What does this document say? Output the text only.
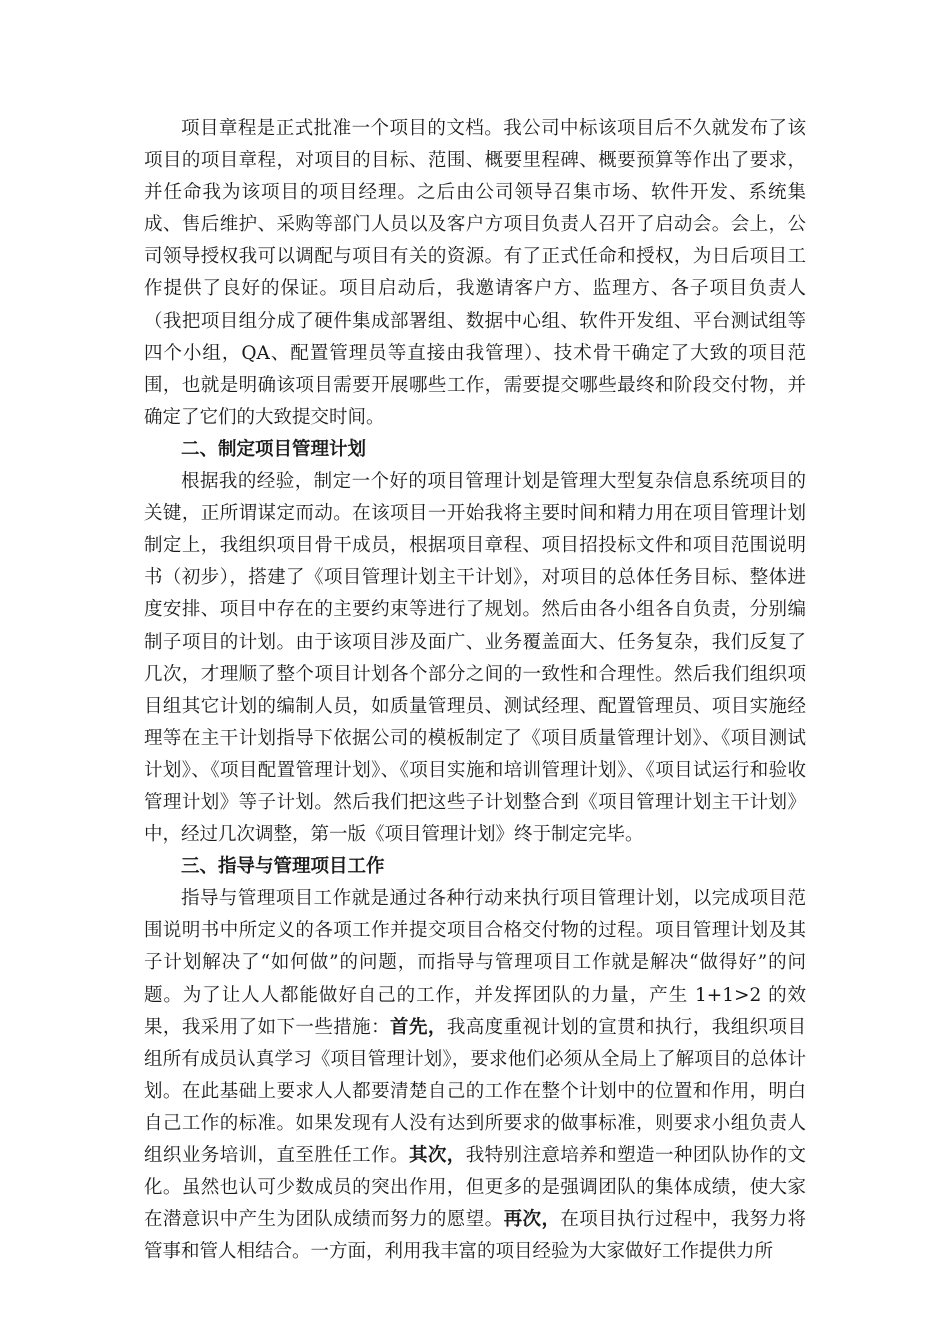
项目章程是正式批准一个项目的文档。我公司中标该项目后不久就发布了该项目的项目章程，对项目的目标、范围、概要里程碑、概要预算等作出了要求，并任命我为该项目的项目经理。之后由公司领导召集市场、软件开发、系统集成、售后维护、采购等部门人员以及客户方项目负责人召开了启动会。会上，公司领导授权我可以调配与项目有关的资源。有了正式任命和授权，为日后项目工作提供了良好的保证。项目启动后，我邀请客户方、监理方、各子项目负责人（我把项目组分成了硬件集成部署组、数据中心组、软件开发组、平台测试组等四个小组，QA、配置管理员等直接由我管理）、技术骨干确定了大致的项目范围，也就是明确该项目需要开展哪些工作，需要提交哪些最终和阶段交付物，并确定了它们的大致提交时间。

二、制定项目管理计划

根据我的经验，制定一个好的项目管理计划是管理大型复杂信息系统项目的关键，正所谓谋定而动。在该项目一开始我将主要时间和精力用在项目管理计划制定上，我组织项目骨干成员，根据项目章程、项目招投标文件和项目范围说明书（初步），搭建了《项目管理计划主干计划》，对项目的总体任务目标、整体进度安排、项目中存在的主要约束等进行了规划。然后由各小组各自负责，分别编制子项目的计划。由于该项目涉及面广、业务覆盖面大、任务复杂，我们反复了几次，才理顺了整个项目计划各个部分之间的一致性和合理性。然后我们组织项目组其它计划的编制人员，如质量管理员、测试经理、配置管理员、项目实施经理等在主干计划指导下依据公司的模板制定了《项目质量管理计划》、《项目测试计划》、《项目配置管理计划》、《项目实施和培训管理计划》、《项目试运行和验收管理计划》等子计划。然后我们把这些子计划整合到《项目管理计划主干计划》中，经过几次调整，第一版《项目管理计划》终于制定完毕。

三、指导与管理项目工作

指导与管理项目工作就是通过各种行动来执行项目管理计划，以完成项目范围说明书中所定义的各项工作并提交项目合格交付物的过程。项目管理计划及其子计划解决了“如何做”的问题，而指导与管理项目工作就是解决“做得好”的问题。为了让人人都能做好自己的工作，并发挥团队的力量，产生 1+1>2 的效果，我采用了如下一些措施：首先，我高度重视计划的宣贯和执行，我组织项目组所有成员认真学习《项目管理计划》，要求他们必须从全局上了解项目的总体计划。在此基础上要求人人都要清楚自己的工作在整个计划中的位置和作用，明白自己工作的标准。如果发现有人没有达到所要求的做事标准，则要求小组负责人组织业务培训，直至胜任工作。其次，我特别注意培养和塑造一种团队协作的文化。虽然也认可少数成员的突出作用，但更多的是强调团队的集体成绩，使大家在潜意识中产生为团队成绩而努力的愿望。再次，在项目执行过程中，我努力将管事和管人相结合。一方面，利用我丰富的项目经验为大家做好工作提供力所
